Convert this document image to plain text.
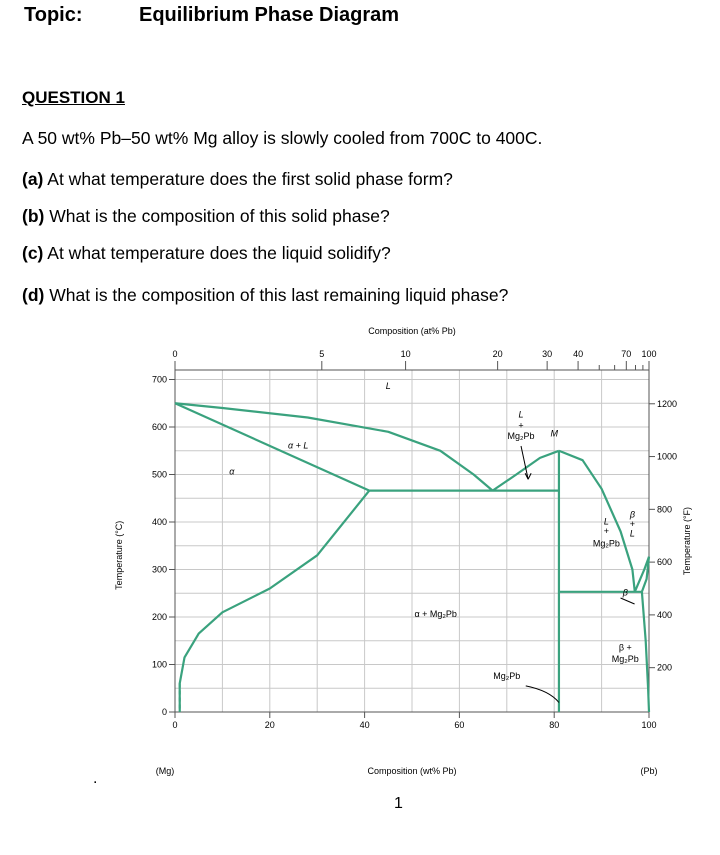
Topic:	Equilibrium Phase Diagram
QUESTION 1
A 50 wt% Pb–50 wt% Mg alloy is slowly cooled from 700C to 400C.
(a) At what temperature does the first solid phase form?
(b) What is the composition of this solid phase?
(c) At what temperature does the liquid solidify?
(d) What is the composition of this last remaining liquid phase?
0	20	40	60	80	100
(Mg)	(Pb)
Composition (wt% Pb)
0	5	10	20	30 40	70 100
Composition (at% Pb)
0
100
200
300
400
500
600
700
Temperature (°C)
200
400
600
800
1000
1200
Temperature (°F)
L
α + L
α
α + Mg₂Pb
L
+
Mg₂Pb M
L
+
Mg₂Pb
β
+
L
β
β +
Mg₂Pb
Mg₂Pb
.
1
